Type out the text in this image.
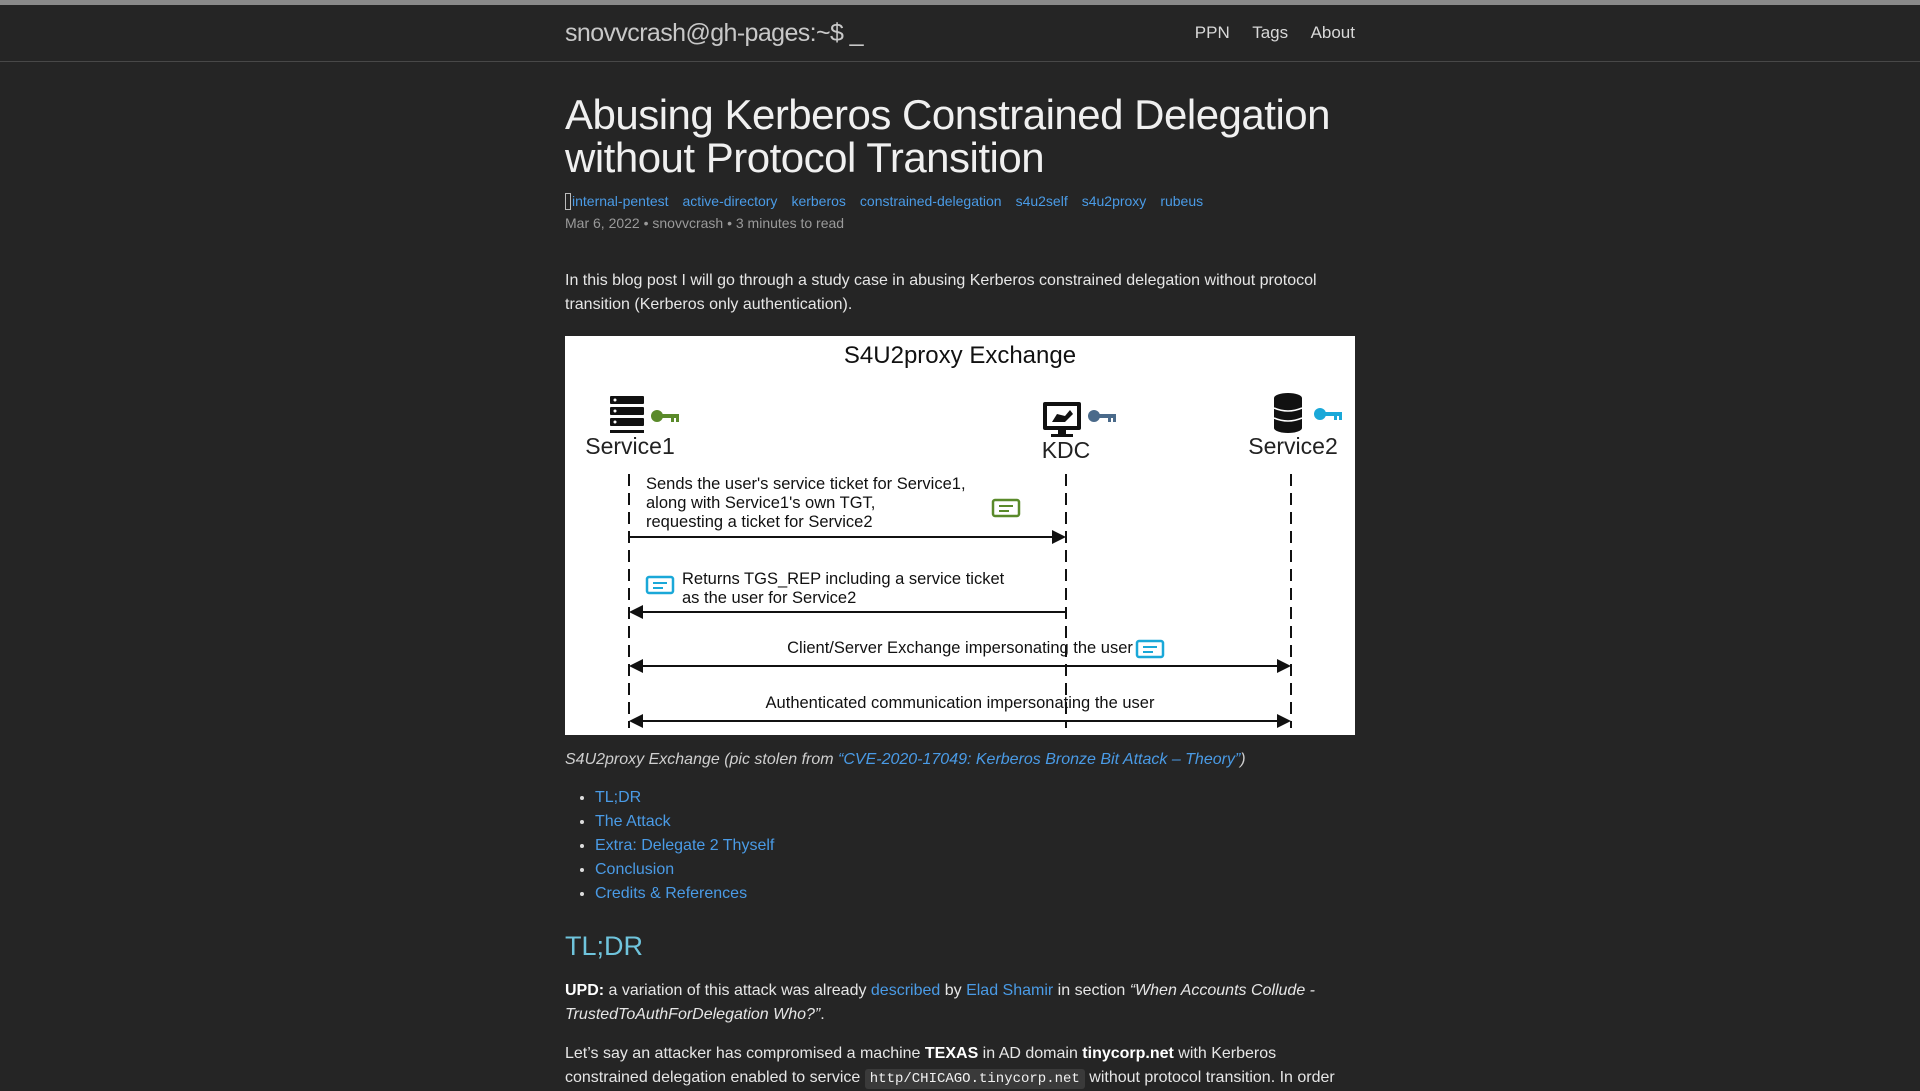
snovvcrash@gh-pages:~$ _	PPN Tags About
Abusing Kerberos Constrained Delegation without Protocol Transition
internal-pentest active-directory kerberos constrained-delegation s4u2self s4u2proxy rubeus
Mar 6, 2022 • snovvcrash • 3 minutes to read

In this blog post I will go through a study case in abusing Kerberos constrained delegation without protocol transition (Kerberos only authentication).

S4U2proxy Exchange
Service1	KDC	Service2
Sends the user's service ticket for Service1,
along with Service1's own TGT,
requesting a ticket for Service2
Returns TGS_REP including a service ticket
as the user for Service2
Client/Server Exchange impersonating the user
Authenticated communication impersonating the user

S4U2proxy Exchange (pic stolen from “CVE-2020-17049: Kerberos Bronze Bit Attack – Theory”)

• TL;DR
• The Attack
• Extra: Delegate 2 Thyself
• Conclusion
• Credits & References
TL;DR

UPD: a variation of this attack was already described by Elad Shamir in section “When Accounts Collude - TrustedToAuthForDelegation Who?”.

Let’s say an attacker has compromised a machine TEXAS in AD domain tinycorp.net with Kerberos constrained delegation enabled to service http/CHICAGO.tinycorp.net without protocol transition. In order
